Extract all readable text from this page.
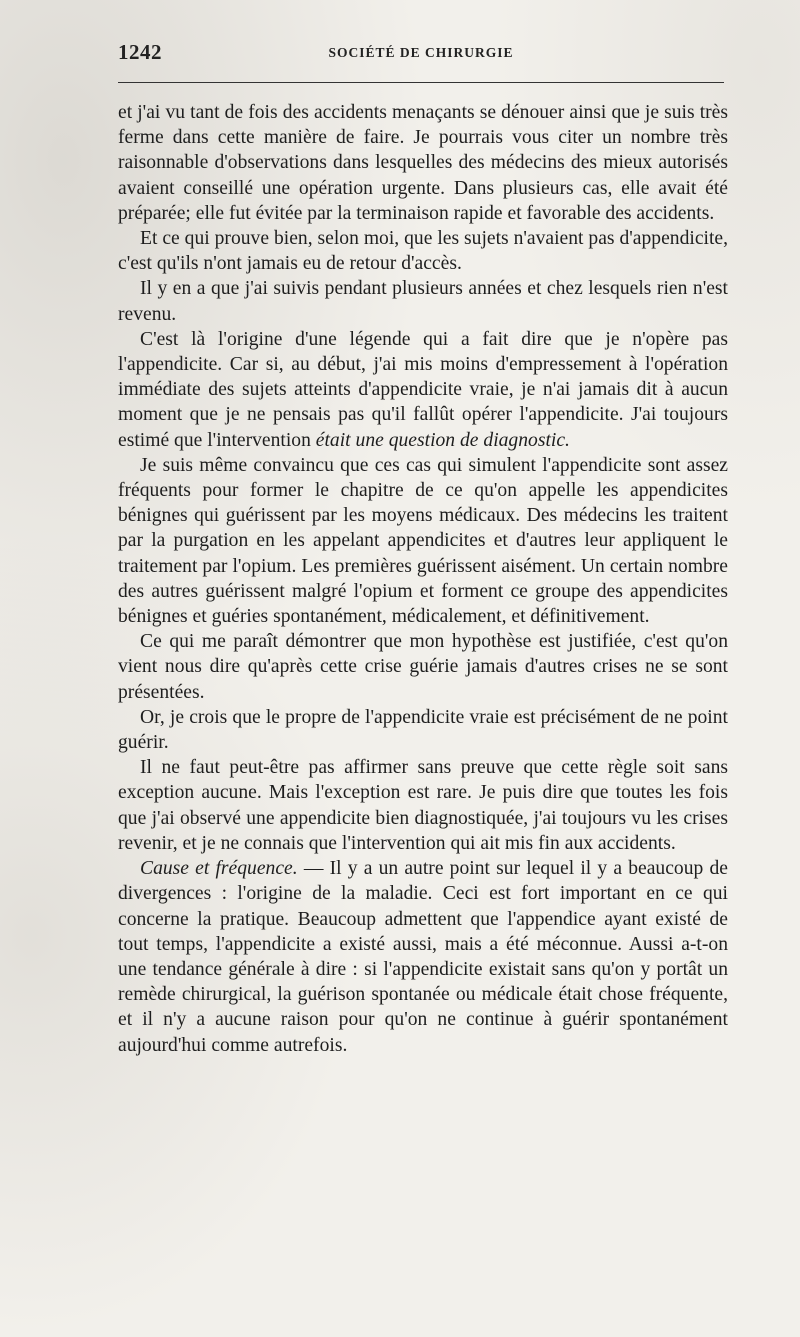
1242	SOCIÉTÉ DE CHIRURGIE

et j'ai vu tant de fois des accidents menaçants se dénouer ainsi que je suis très ferme dans cette manière de faire. Je pourrais vous citer un nombre très raisonnable d'observations dans lesquelles des médecins des mieux autorisés avaient conseillé une opération urgente. Dans plusieurs cas, elle avait été préparée; elle fut évitée par la terminaison rapide et favorable des accidents.

Et ce qui prouve bien, selon moi, que les sujets n'avaient pas d'appendicite, c'est qu'ils n'ont jamais eu de retour d'accès.

Il y en a que j'ai suivis pendant plusieurs années et chez lesquels rien n'est revenu.

C'est là l'origine d'une légende qui a fait dire que je n'opère pas l'appendicite. Car si, au début, j'ai mis moins d'empressement à l'opération immédiate des sujets atteints d'appendicite vraie, je n'ai jamais dit à aucun moment que je ne pensais pas qu'il fallût opérer l'appendicite. J'ai toujours estimé que l'intervention était une question de diagnostic.

Je suis même convaincu que ces cas qui simulent l'appendicite sont assez fréquents pour former le chapitre de ce qu'on appelle les appendicites bénignes qui guérissent par les moyens médicaux. Des médecins les traitent par la purgation en les appelant appendicites et d'autres leur appliquent le traitement par l'opium. Les premières guérissent aisément. Un certain nombre des autres guérissent malgré l'opium et forment ce groupe des appendicites bénignes et guéries spontanément, médicalement, et définitivement.

Ce qui me paraît démontrer que mon hypothèse est justifiée, c'est qu'on vient nous dire qu'après cette crise guérie jamais d'autres crises ne se sont présentées.

Or, je crois que le propre de l'appendicite vraie est précisément de ne point guérir.

Il ne faut peut-être pas affirmer sans preuve que cette règle soit sans exception aucune. Mais l'exception est rare. Je puis dire que toutes les fois que j'ai observé une appendicite bien diagnostiquée, j'ai toujours vu les crises revenir, et je ne connais que l'intervention qui ait mis fin aux accidents.

Cause et fréquence. — Il y a un autre point sur lequel il y a beaucoup de divergences : l'origine de la maladie. Ceci est fort important en ce qui concerne la pratique. Beaucoup admettent que l'appendice ayant existé de tout temps, l'appendicite a existé aussi, mais a été méconnue. Aussi a-t-on une tendance générale à dire : si l'appendicite existait sans qu'on y portât un remède chirurgical, la guérison spontanée ou médicale était chose fréquente, et il n'y a aucune raison pour qu'on ne continue à guérir spontanément aujourd'hui comme autrefois.
